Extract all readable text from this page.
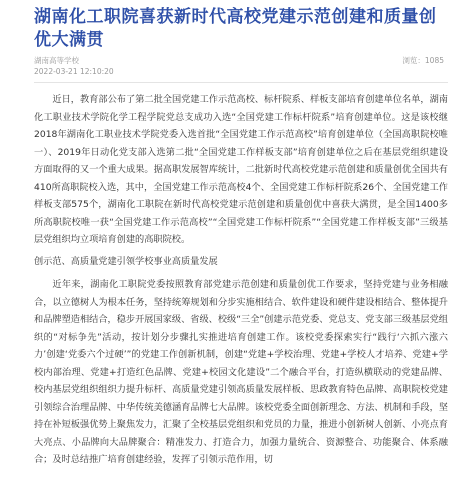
湖南化工职院喜获新时代高校党建示范创建和质量创优大满贯
湖南高等学校
2022-03-21 12:10:20
浏览：1085

近日，教育部公布了第二批全国党建工作示范高校、标杆院系、样板支部培育创建单位名单，湖南化工职业技术学院化学工程学院党总支成功入选“全国党建工作标杆院系”培育创建单位。这是该校继2018年湖南化工职业技术学院党委入选首批“全国党建工作示范高校”培育创建单位（全国高职院校唯一）、2019年日动化党支部入选第二批“全国党建工作样板支部”培育创建单位之后在基层党组织建设方面取得的又一个重大成果。据高职发展智库统计，二批新时代高校党建示范创建和质量创优全国共有410所高职院校入选，其中，全国党建工作示范高校4个、全国党建工作标杆院系26个、全国党建工作样板支部575个，湖南化工职院在新时代高校党建示范创建和质量创优中喜获大满贯，是全国1400多所高职院校唯一获“全国党建工作示范高校”“全国党建工作标杆院系”“全国党建工作样板支部”三级基层党组织均立项培育创建的高职院校。

创示范、高质量党建引领学校事业高质量发展

近年来，湖南化工职院党委按照教育部党建示范创建和质量创优工作要求，坚持党建与业务相融合，以立德树人为根本任务，坚持统筹规划和分步实施相结合、软件建设和硬件建设相结合、整体提升和品牌塑造相结合，稳步开展国家级、省级、校级“三全”创建示范党委、党总支、党支部三级基层党组织的“对标争先”活动，按计划分步骤扎实推进培育创建工作。该校党委探索实行“践行‘六抓六涨六力’创建‘党委六个过硬’”的党建工作创新机制，创建“党建+学校治理、党建+学校人才培养、党建+学校内部治理、党建+打造红色品牌、党建+校园文化建设”二个融合平台，打造纵横联动的党建品牌、校内基层党组织组织力提升标杆、高质量党建引领高质量发展样板、思政教育特色品牌、高职院校党建引领综合治理品牌、中华传统美德涵育品牌七大品牌。该校党委全面创新理念、方法、机制和手段，坚持在补短板强优势上聚焦发力，汇聚了全校基层党组织和党员的力量，推进小创新树人创新、小亮点育大亮点、小品牌向大品牌聚合：精准发力、打造合力，加强力量统合、资源整合、功能聚合、体系融合；及时总结推广培育创建经验，发挥了引领示范作用，切
